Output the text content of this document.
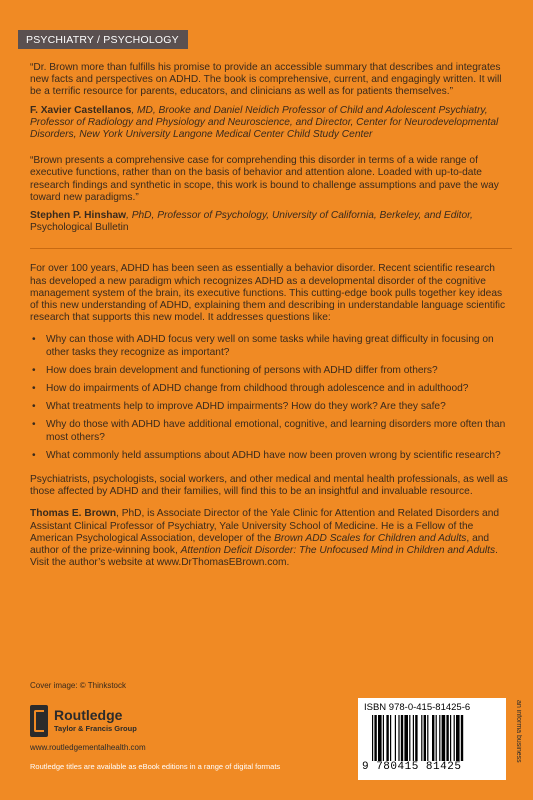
PSYCHIATRY / PSYCHOLOGY
“Dr. Brown more than fulfills his promise to provide an accessible summary that describes and integrates new facts and perspectives on ADHD. The book is comprehensive, current, and engagingly written. It will be a terrific resource for parents, educators, and clinicians as well as for patients themselves.”
F. Xavier Castellanos, MD, Brooke and Daniel Neidich Professor of Child and Adolescent Psychiatry, Professor of Radiology and Physiology and Neuroscience, and Director, Center for Neurodevelopmental Disorders, New York University Langone Medical Center Child Study Center
“Brown presents a comprehensive case for comprehending this disorder in terms of a wide range of executive functions, rather than on the basis of behavior and attention alone. Loaded with up-to-date research findings and synthetic in scope, this work is bound to challenge assumptions and pave the way toward new paradigms.”
Stephen P. Hinshaw, PhD, Professor of Psychology, University of California, Berkeley, and Editor, Psychological Bulletin

For over 100 years, ADHD has been seen as essentially a behavior disorder. Recent scientific research has developed a new paradigm which recognizes ADHD as a developmental disorder of the cognitive management system of the brain, its executive functions. This cutting-edge book pulls together key ideas of this new understanding of ADHD, explaining them and describing in understandable language scientific research that supports this new model. It addresses questions like:

• Why can those with ADHD focus very well on some tasks while having great difficulty in focusing on other tasks they recognize as important?
• How does brain development and functioning of persons with ADHD differ from others?
• How do impairments of ADHD change from childhood through adolescence and in adulthood?
• What treatments help to improve ADHD impairments? How do they work? Are they safe?
• Why do those with ADHD have additional emotional, cognitive, and learning disorders more often than most others?
• What commonly held assumptions about ADHD have now been proven wrong by scientific research?

Psychiatrists, psychologists, social workers, and other medical and mental health professionals, as well as those affected by ADHD and their families, will find this to be an insightful and invaluable resource.

Thomas E. Brown, PhD, is Associate Director of the Yale Clinic for Attention and Related Disorders and Assistant Clinical Professor of Psychiatry, Yale University School of Medicine. He is a Fellow of the American Psychological Association, developer of the Brown ADD Scales for Children and Adults, and author of the prize-winning book, Attention Deficit Disorder: The Unfocused Mind in Children and Adults. Visit the author’s website at www.DrThomasEBrown.com.

Cover image: © Thinkstock
Routledge
Taylor & Francis Group
www.routledgementalhealth.com
Routledge titles are available as eBook editions in a range of digital formats
ISBN 978-0-415-81425-6
9 780415 81425
an informa business
